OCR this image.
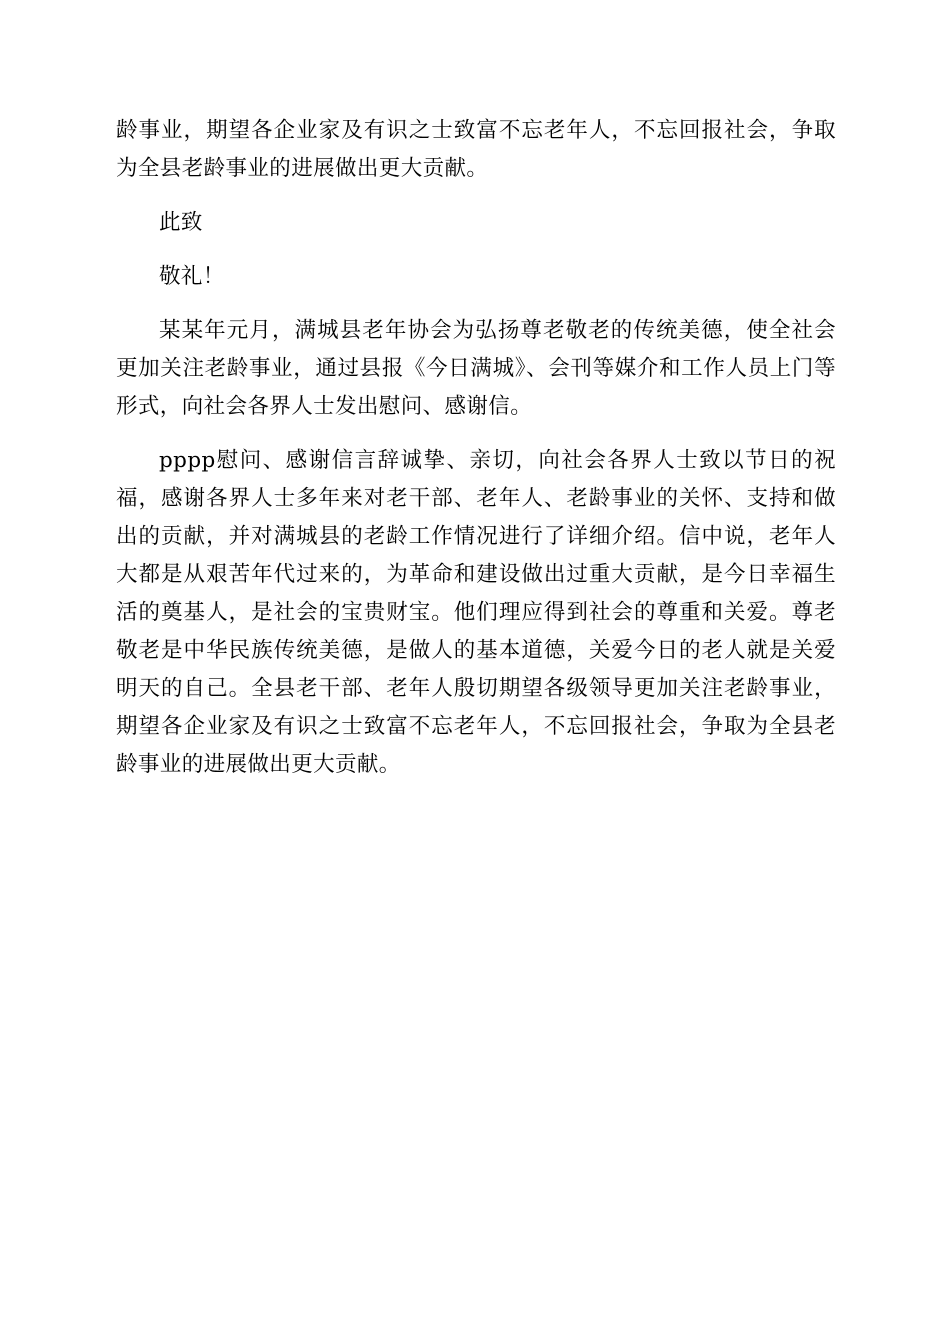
龄事业，期望各企业家及有识之士致富不忘老年人，不忘回报社会，争取为全县老龄事业的进展做出更大贡献。

此致

敬礼！

某某年元月，满城县老年协会为弘扬尊老敬老的传统美德，使全社会更加关注老龄事业，通过县报《今日满城》、会刊等媒介和工作人员上门等形式，向社会各界人士发出慰问、感谢信。

pppp慰问、感谢信言辞诚挚、亲切，向社会各界人士致以节日的祝福，感谢各界人士多年来对老干部、老年人、老龄事业的关怀、支持和做出的贡献，并对满城县的老龄工作情况进行了详细介绍。信中说，老年人大都是从艰苦年代过来的，为革命和建设做出过重大贡献，是今日幸福生活的奠基人，是社会的宝贵财宝。他们理应得到社会的尊重和关爱。尊老敬老是中华民族传统美德，是做人的基本道德，关爱今日的老人就是关爱明天的自己。全县老干部、老年人殷切期望各级领导更加关注老龄事业，期望各企业家及有识之士致富不忘老年人，不忘回报社会，争取为全县老龄事业的进展做出更大贡献。
